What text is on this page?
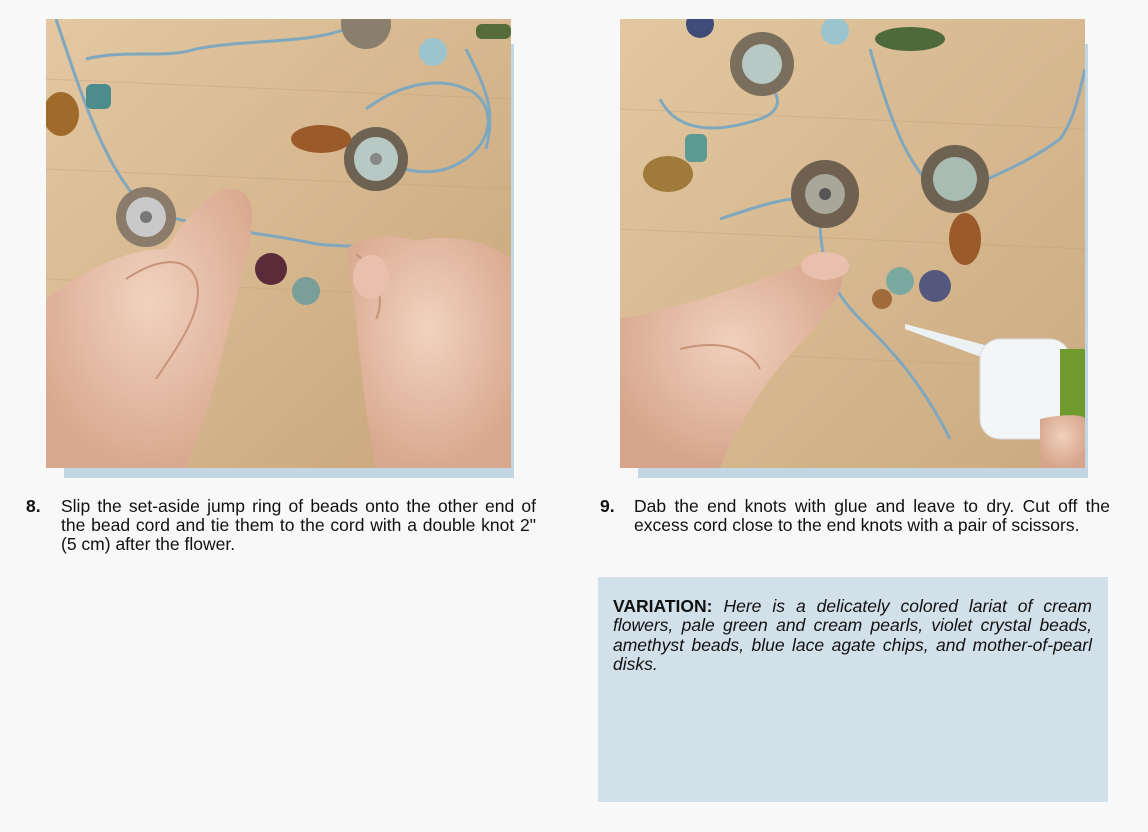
8. Slip the set-aside jump ring of beads onto the other end of the bead cord and tie them to the cord with a double knot 2" (5 cm) after the flower.
9. Dab the end knots with glue and leave to dry. Cut off the excess cord close to the end knots with a pair of scissors.
VARIATION: Here is a delicately colored lariat of cream flowers, pale green and cream pearls, violet crystal beads, amethyst beads, blue lace agate chips, and mother-of-pearl disks.
